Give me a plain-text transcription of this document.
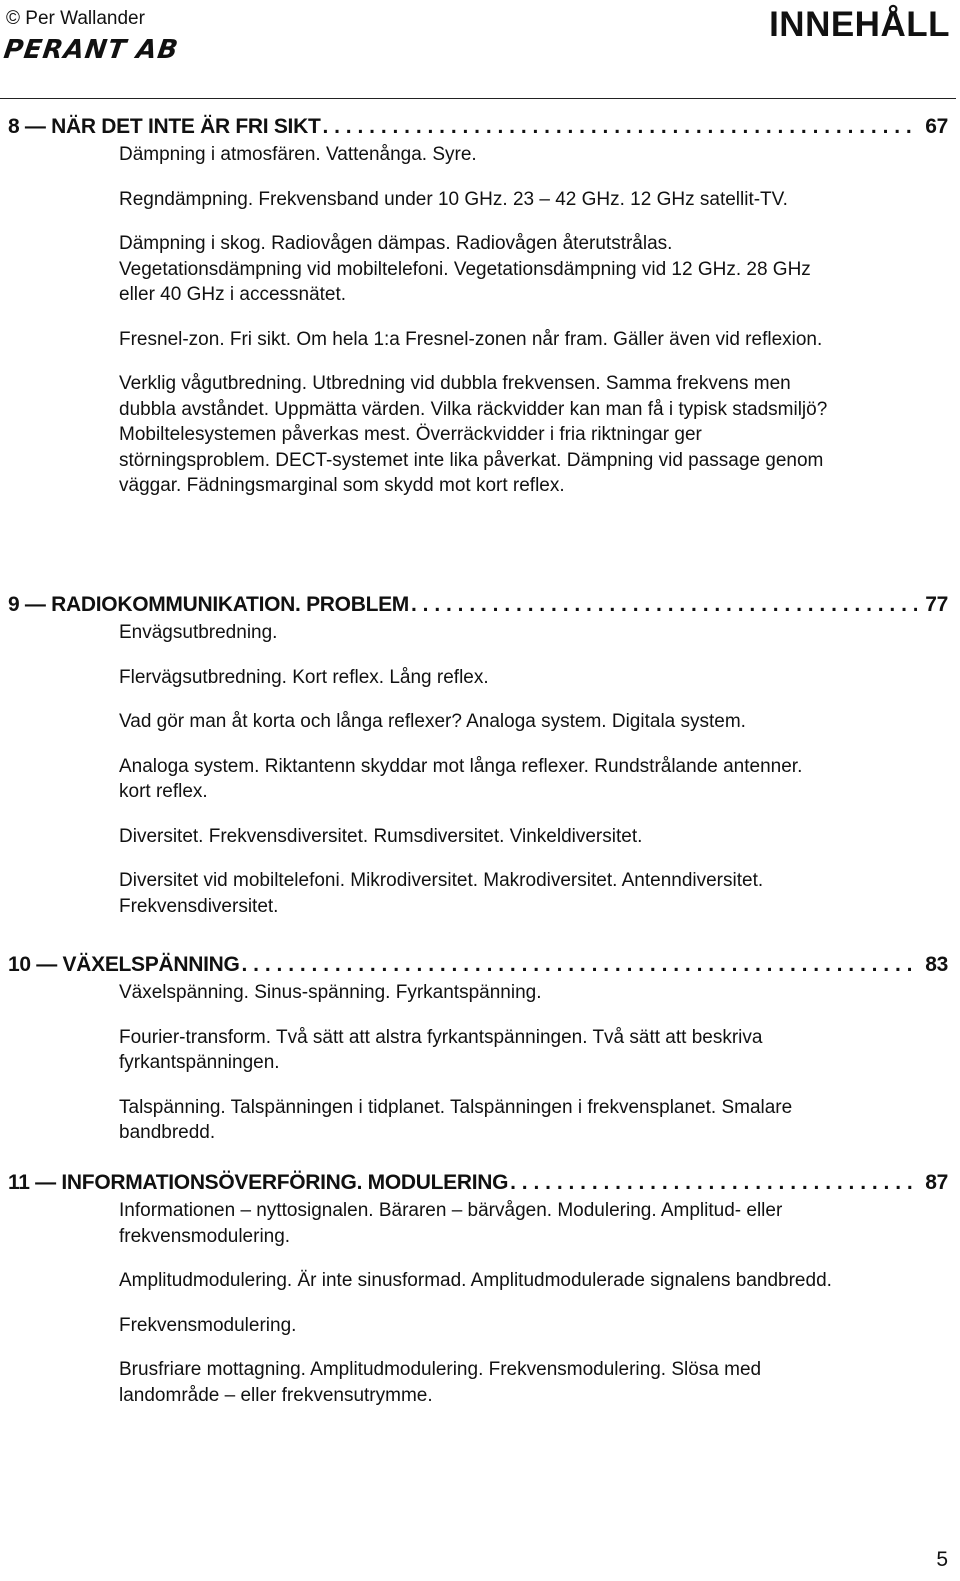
© Per Wallander
PERANT AB
INNEHÅLL
8 — NÄR DET INTE ÄR FRI SIKT . . .	67

Dämpning i atmosfären. Vattenånga. Syre.

Regndämpning. Frekvensband under 10 GHz. 23 – 42 GHz. 12 GHz satellit-TV.

Dämpning i skog. Radiovågen dämpas. Radiovågen återutstrålas. Vegetationsdämpning vid mobiltelefoni. Vegetationsdämpning vid 12 GHz. 28 GHz eller 40 GHz i accessnätet.

Fresnel-zon. Fri sikt. Om hela 1:a Fresnel-zonen når fram. Gäller även vid reflexion.

Verklig vågutbredning. Utbredning vid dubbla frekvensen. Samma frekvens men dubbla avståndet. Uppmätta värden. Vilka räckvidder kan man få i typisk stadsmiljö? Mobiltelesystemen påverkas mest. Överräckvidder i fria riktningar ger störningsproblem. DECT-systemet inte lika påverkat. Dämpning vid passage genom väggar. Fädningsmarginal som skydd mot kort reflex.

9 — RADIOKOMMUNIKATION. PROBLEM . . .	77

Envägsutbredning.

Flervägsutbredning. Kort reflex. Lång reflex.

Vad gör man åt korta och långa reflexer? Analoga system. Digitala system.

Analoga system. Riktantenn skyddar mot långa reflexer. Rundstrålande antenner. kort reflex.

Diversitet. Frekvensdiversitet. Rumsdiversitet. Vinkeldiversitet.

Diversitet vid mobiltelefoni. Mikrodiversitet. Makrodiversitet. Antenndiversitet. Frekvensdiversitet.

10 — VÄXELSPÄNNING . . .	83

Växelspänning. Sinus-spänning. Fyrkantspänning.

Fourier-transform. Två sätt att alstra fyrkantspänningen. Två sätt att beskriva fyrkantspänningen.

Talspänning. Talspänningen i tidplanet. Talspänningen i frekvensplanet. Smalare bandbredd.

11 — INFORMATIONSÖVERFÖRING. MODULERING . . .	87

Informationen – nyttosignalen. Bäraren – bärvågen. Modulering. Amplitud- eller frekvensmodulering.

Amplitudmodulering. Är inte sinusformad. Amplitudmodulerade signalens bandbredd.

Frekvensmodulering.

Brusfriare mottagning. Amplitudmodulering. Frekvensmodulering. Slösa med landområde – eller frekvensutrymme.

5
